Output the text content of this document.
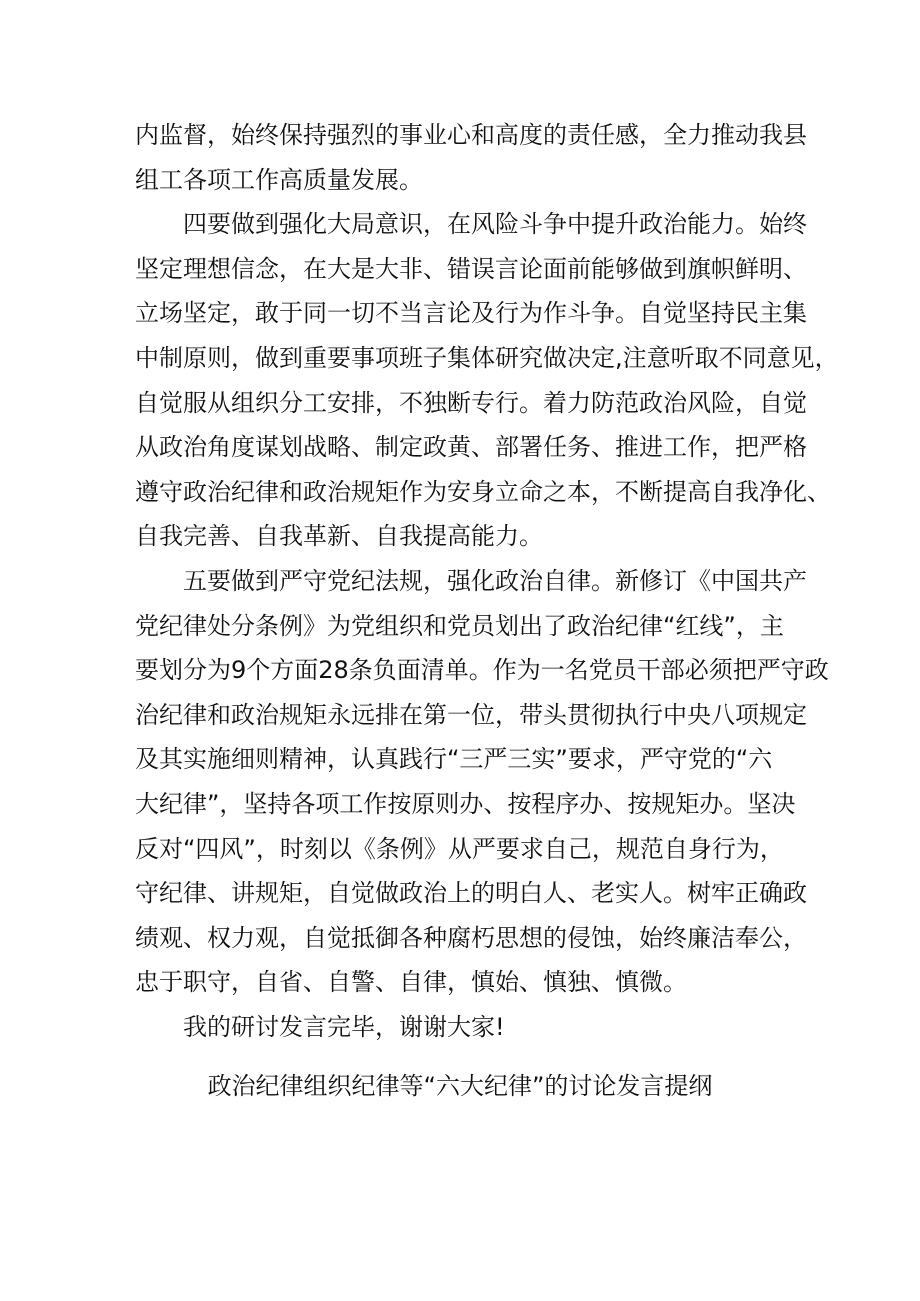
内监督，始终保持强烈的事业心和高度的责任感，全力推动我县
组工各项工作高质量发展。
四要做到强化大局意识，在风险斗争中提升政治能力。始终
坚定理想信念，在大是大非、错误言论面前能够做到旗帜鲜明、
立场坚定，敢于同一切不当言论及行为作斗争。自觉坚持民主集
中制原则，做到重要事项班子集体研究做决定,注意听取不同意见，
自觉服从组织分工安排，不独断专行。着力防范政治风险，自觉
从政治角度谋划战略、制定政黄、部署任务、推进工作，把严格
遵守政治纪律和政治规矩作为安身立命之本，不断提高自我净化、
自我完善、自我革新、自我提高能力。
五要做到严守党纪法规，强化政治自律。新修订《中国共产
党纪律处分条例》为党组织和党员划出了政治纪律“红线”，主
要划分为9个方面28条负面清单。作为一名党员干部必须把严守政
治纪律和政治规矩永远排在第一位，带头贯彻执行中央八项规定
及其实施细则精神，认真践行“三严三实”要求，严守党的“六
大纪律”，坚持各项工作按原则办、按程序办、按规矩办。坚决
反对“四风”，时刻以《条例》从严要求自己，规范自身行为，
守纪律、讲规矩，自觉做政治上的明白人、老实人。树牢正确政
绩观、权力观，自觉抵御各种腐朽思想的侵蚀，始终廉洁奉公，
忠于职守，自省、自警、自律，慎始、慎独、慎微。
我的研讨发言完毕，谢谢大家!
政治纪律组织纪律等“六大纪律”的讨论发言提纲
